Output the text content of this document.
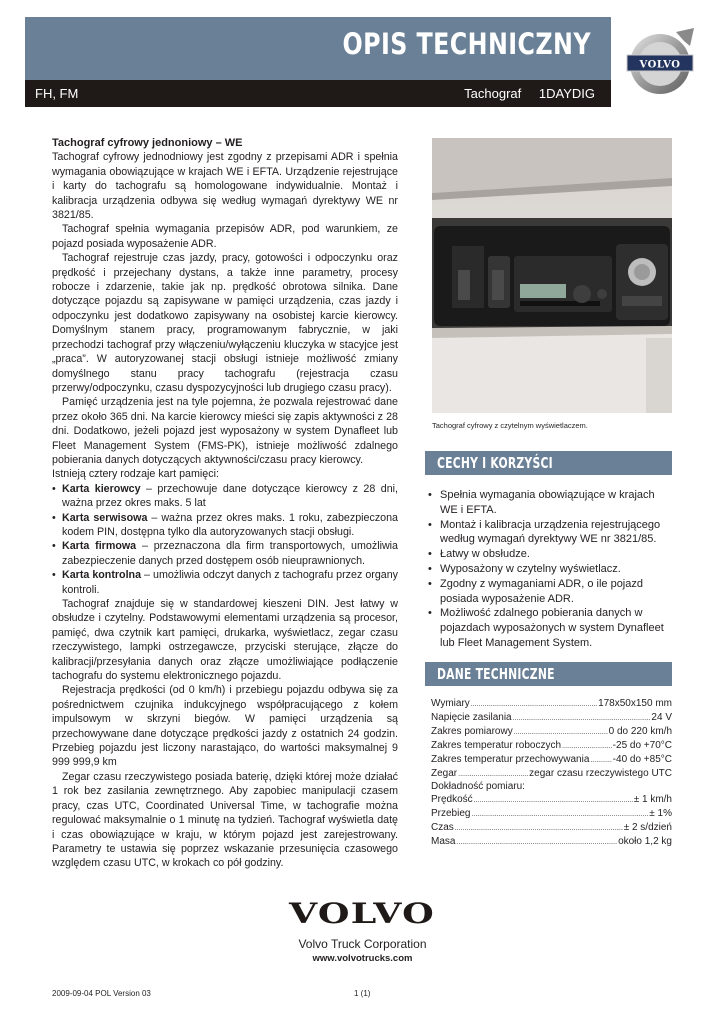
OPIS TECHNICZNY
FH, FM	Tachograf 1DAYDIG
VOLVO

Tachograf cyfrowy jednoniowy – WE

Tachograf cyfrowy jednodniowy jest zgodny z przepisami ADR i spełnia wymagania obowiązujące w krajach WE i EFTA. Urządzenie rejestrujące i karty do tachografu są homologowane indywidualnie. Montaż i kalibracja urządzenia odbywa się według wymagań dyrektywy WE nr 3821/85.

Tachograf spełnia wymagania przepisów ADR, pod warunkiem, ze pojazd posiada wyposażenie ADR.

Tachograf rejestruje czas jazdy, pracy, gotowości i odpoczynku oraz prędkość i przejechany dystans, a także inne parametry, procesy robocze i zdarzenie, takie jak np. prędkość obrotowa silnika. Dane dotyczące pojazdu są zapisywane w pamięci urządzenia, czas jazdy i odpoczynku jest dodatkowo zapisywany na osobistej karcie kierowcy. Domyślnym stanem pracy, programowanym fabrycznie, w jaki przechodzi tachograf przy włączeniu/wyłączeniu kluczyka w stacyjce jest „praca”. W autoryzowanej stacji obsługi istnieje możliwość zmiany domyślnego stanu pracy tachografu (rejestracja czasu przerwy/odpoczynku, czasu dyspozycyjności lub drugiego czasu pracy).

Pamięć urządzenia jest na tyle pojemna, że pozwala rejestrować dane przez około 365 dni. Na karcie kierowcy mieści się zapis aktywności z 28 dni. Dodatkowo, jeżeli pojazd jest wyposażony w system Dynafleet lub Fleet Management System (FMS-PK), istnieje możliwość zdalnego pobierania danych dotyczących aktywności/czasu pracy kierowcy.

Istnieją cztery rodzaje kart pamięci:

• Karta kierowcy – przechowuje dane dotyczące kierowcy z 28 dni, ważna przez okres maks. 5 lat
• Karta serwisowa – ważna przez okres maks. 1 roku, zabezpieczona kodem PIN, dostępna tylko dla autoryzowanych stacji obsługi.
• Karta firmowa – przeznaczona dla firm transportowych, umożliwia zabezpieczenie danych przed dostępem osób nieuprawnionych.
• Karta kontrolna – umożliwia odczyt danych z tachografu przez organy kontroli.

Tachograf znajduje się w standardowej kieszeni DIN. Jest łatwy w obsłudze i czytelny. Podstawowymi elementami urządzenia są procesor, pamięć, dwa czytnik kart pamięci, drukarka, wyświetlacz, zegar czasu rzeczywistego, lampki ostrzegawcze, przyciski sterujące, złącze do kalibracji/przesyłania danych oraz złącze umożliwiające podłączenie tachografu do systemu elektronicznego pojazdu.

Rejestracja prędkości (od 0 km/h) i przebiegu pojazdu odbywa się za pośrednictwem czujnika indukcyjnego współpracującego z kołem impulsowym w skrzyni biegów. W pamięci urządzenia są przechowywane dane dotyczące prędkości jazdy z ostatnich 24 godzin. Przebieg pojazdu jest liczony narastająco, do wartości maksymalnej 9 999 999,9 km

Zegar czasu rzeczywistego posiada baterię, dzięki której może działać 1 rok bez zasilania zewnętrznego. Aby zapobiec manipulacji czasem pracy, czas UTC, Coordinated Universal Time, w tachografie można regulować maksymalnie o 1 minutę na tydzień. Tachograf wyświetla datę i czas obowiązujące w kraju, w którym pojazd jest zarejestrowany. Parametry te ustawia się poprzez wskazanie przesunięcia czasowego względem czasu UTC, w krokach co pół godziny.

Tachograf cyfrowy z czytelnym wyświetlaczem.
CECHY I KORZYŚCI
• Spełnia wymagania obowiązujące w krajach WE i EFTA.
• Montaż i kalibracja urządzenia rejestrującego według wymagań dyrektywy WE nr 3821/85.
• Łatwy w obsłudze.
• Wyposażony w czytelny wyświetlacz.
• Zgodny z wymaganiami ADR, o ile pojazd posiada wyposażenie ADR.
• Możliwość zdalnego pobierania danych w pojazdach wyposażonych w system Dynafleet lub Fleet Management System.
DANE TECHNICZNE
Wymiary .....	178x50x150 mm
Napięcie zasilania .....	24 V
Zakres pomiarowy .....	0 do 220 km/h
Zakres temperatur roboczych .....	-25 do +70°C
Zakres temperatur przechowywania ..... -40 do +85°C
Zegar .....	zegar czasu rzeczywistego UTC
Dokładność pomiaru:
Prędkość .....	± 1 km/h
Przebieg .....	± 1%
Czas .....	± 2 s/dzień
Masa .....	około 1,2 kg
VOLVO
Volvo Truck Corporation
www.volvotrucks.com
2009-09-04 POL Version 03	1 (1)
